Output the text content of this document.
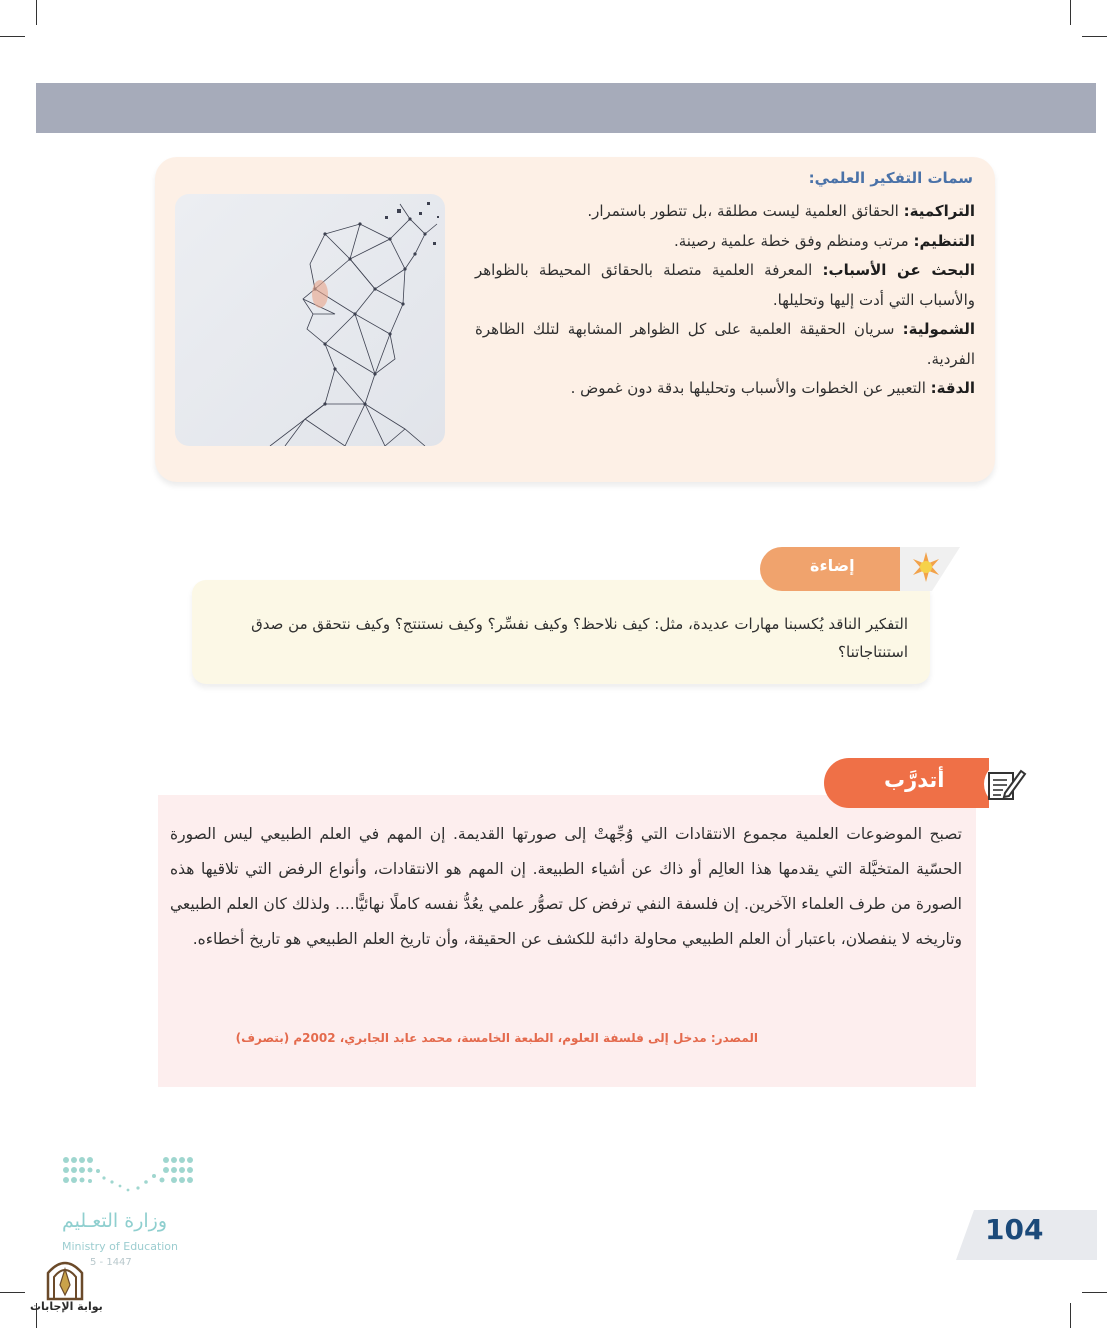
سمات التفكير العلمي:

التراكمية: الحقائق العلمية ليست مطلقة ،بل تتطور باستمرار.

التنظيم: مرتب ومنظم وفق خطة علمية رصينة.

البحث عن الأسباب: المعرفة العلمية متصلة بالحقائق المحيطة بالظواهر والأسباب التي أدت إليها وتحليلها.

الشمولية: سريان الحقيقة العلمية على كل الظواهر المشابهة لتلك الظاهرة الفردية.

الدقة: التعبير عن الخطوات والأسباب وتحليلها بدقة دون غموض .

التفكير الناقد يُكسبنا مهارات عديدة، مثل: كيف نلاحظ؟ وكيف نفسِّر؟ وكيف نستنتج؟ وكيف نتحقق من صدق استنتاجاتنا؟

إضاءة

تصبح الموضوعات العلمية مجموع الانتقادات التي وُجِّهتْ إلى صورتها القديمة. إن المهم في العلم الطبيعي ليس الصورة الحسّية المتخيَّلة التي يقدمها هذا العالِم أو ذاك عن أشياء الطبيعة. إن المهم هو الانتقادات، وأنواع الرفض التي تلاقيها هذه الصورة من طرف العلماء الآخرين. إن فلسفة النفي ترفض كل تصوُّر علمي يعُدُّ نفسه كاملًا نهائيًّا.... ولذلك كان العلم الطبيعي وتاريخه لا ينفصلان، باعتبار أن العلم الطبيعي محاولة دائبة للكشف عن الحقيقة، وأن تاريخ العلم الطبيعي هو تاريخ أخطاءه.

المصدر: مدخل إلى فلسفة العلوم، الطبعة الخامسة، محمد عابد الجابري، 2002م (بتصرف)

أتدرَّب
وزارة التعـليم
Ministry of Education
5 - 1447
بوابة الإجابات
104
